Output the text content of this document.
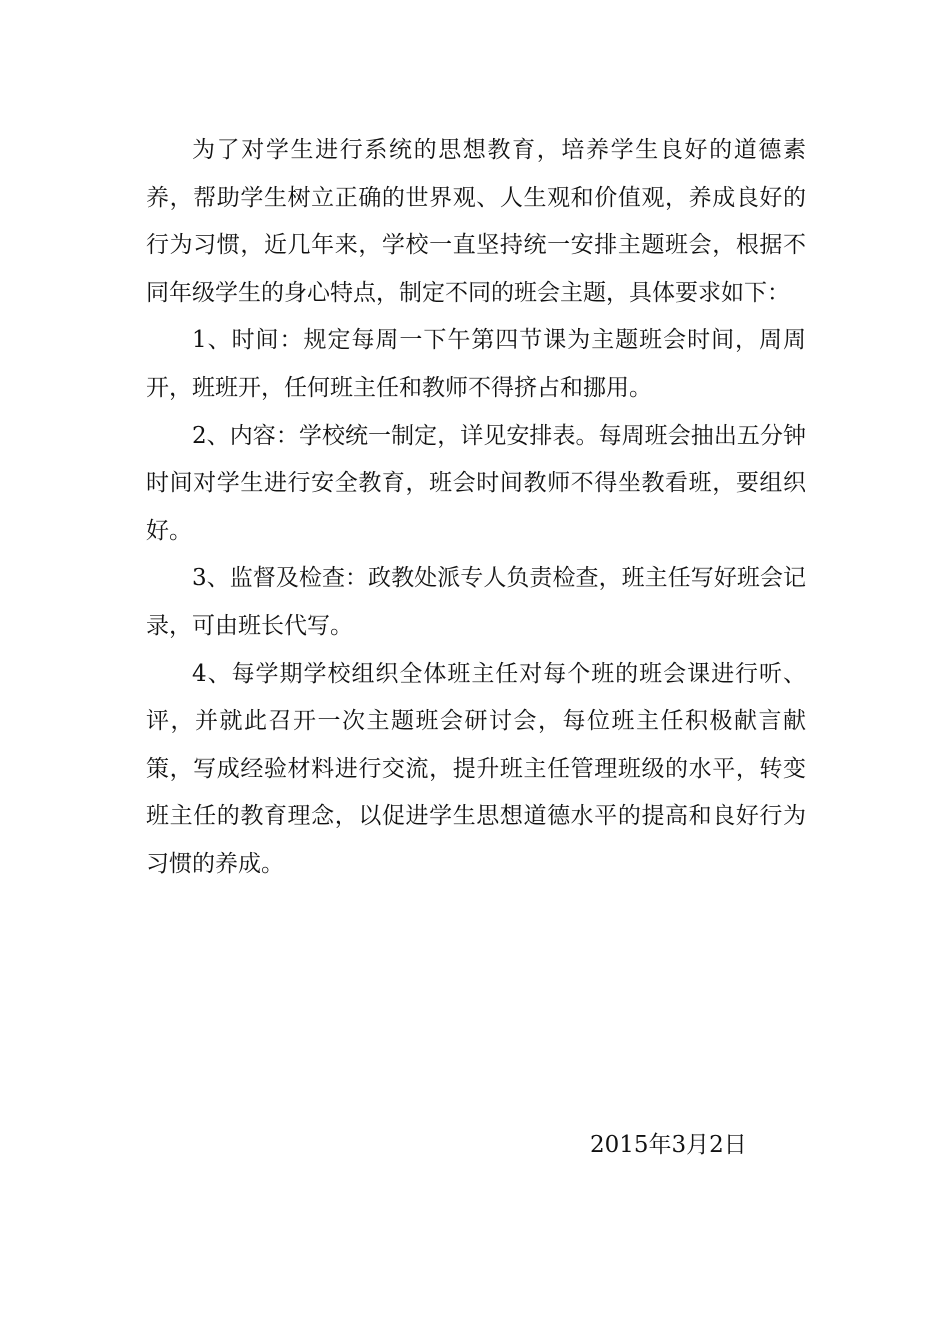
为了对学生进行系统的思想教育，培养学生良好的道德素养，帮助学生树立正确的世界观、人生观和价值观，养成良好的行为习惯，近几年来，学校一直坚持统一安排主题班会，根据不同年级学生的身心特点，制定不同的班会主题，具体要求如下：

1、时间：规定每周一下午第四节课为主题班会时间，周周开，班班开，任何班主任和教师不得挤占和挪用。

2、内容：学校统一制定，详见安排表。每周班会抽出五分钟时间对学生进行安全教育，班会时间教师不得坐教看班，要组织好。

3、监督及检查：政教处派专人负责检查，班主任写好班会记录，可由班长代写。

4、每学期学校组织全体班主任对每个班的班会课进行听、评，并就此召开一次主题班会研讨会，每位班主任积极献言献策，写成经验材料进行交流，提升班主任管理班级的水平，转变班主任的教育理念，以促进学生思想道德水平的提高和良好行为习惯的养成。

2015年3月2日
